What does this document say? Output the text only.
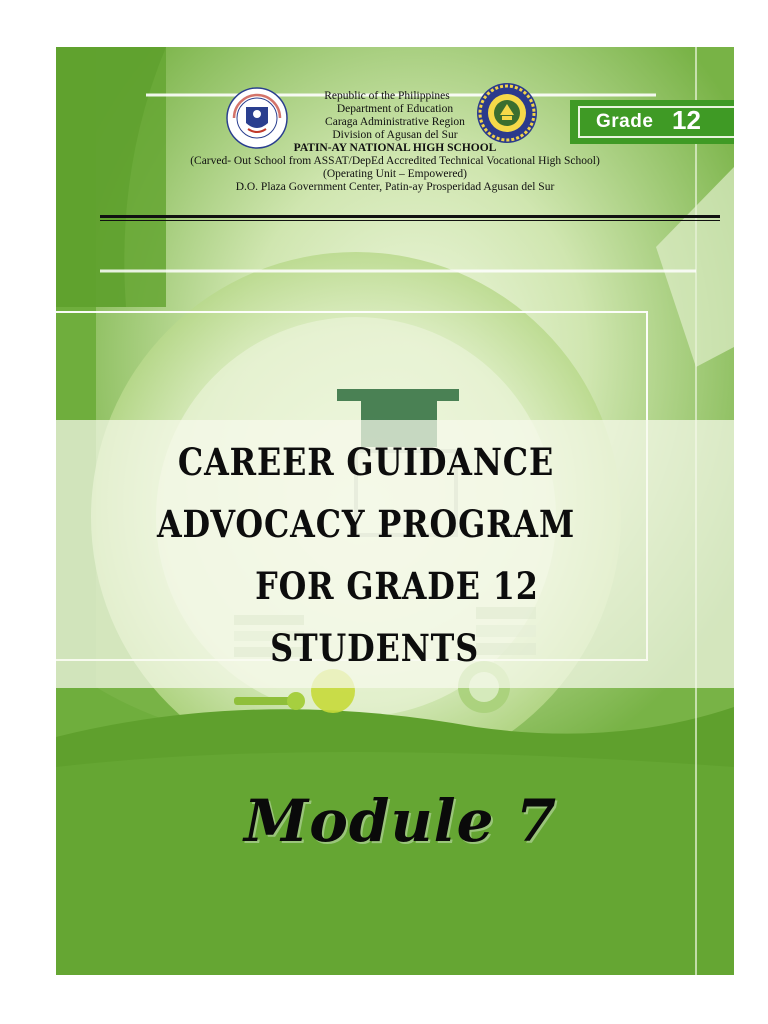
Republic of the Philippines
Department of Education
Caraga Administrative Region
Division of Agusan del Sur
PATIN-AY NATIONAL HIGH SCHOOL
(Carved- Out School from ASSAT/DepEd Accredited Technical Vocational High School)
(Operating Unit – Empowered)
D.O. Plaza Government Center, Patin-ay Prosperidad Agusan del Sur
Grade 12
CAREER GUIDANCE
ADVOCACY PROGRAM
FOR GRADE 12
STUDENTS
Module 7
